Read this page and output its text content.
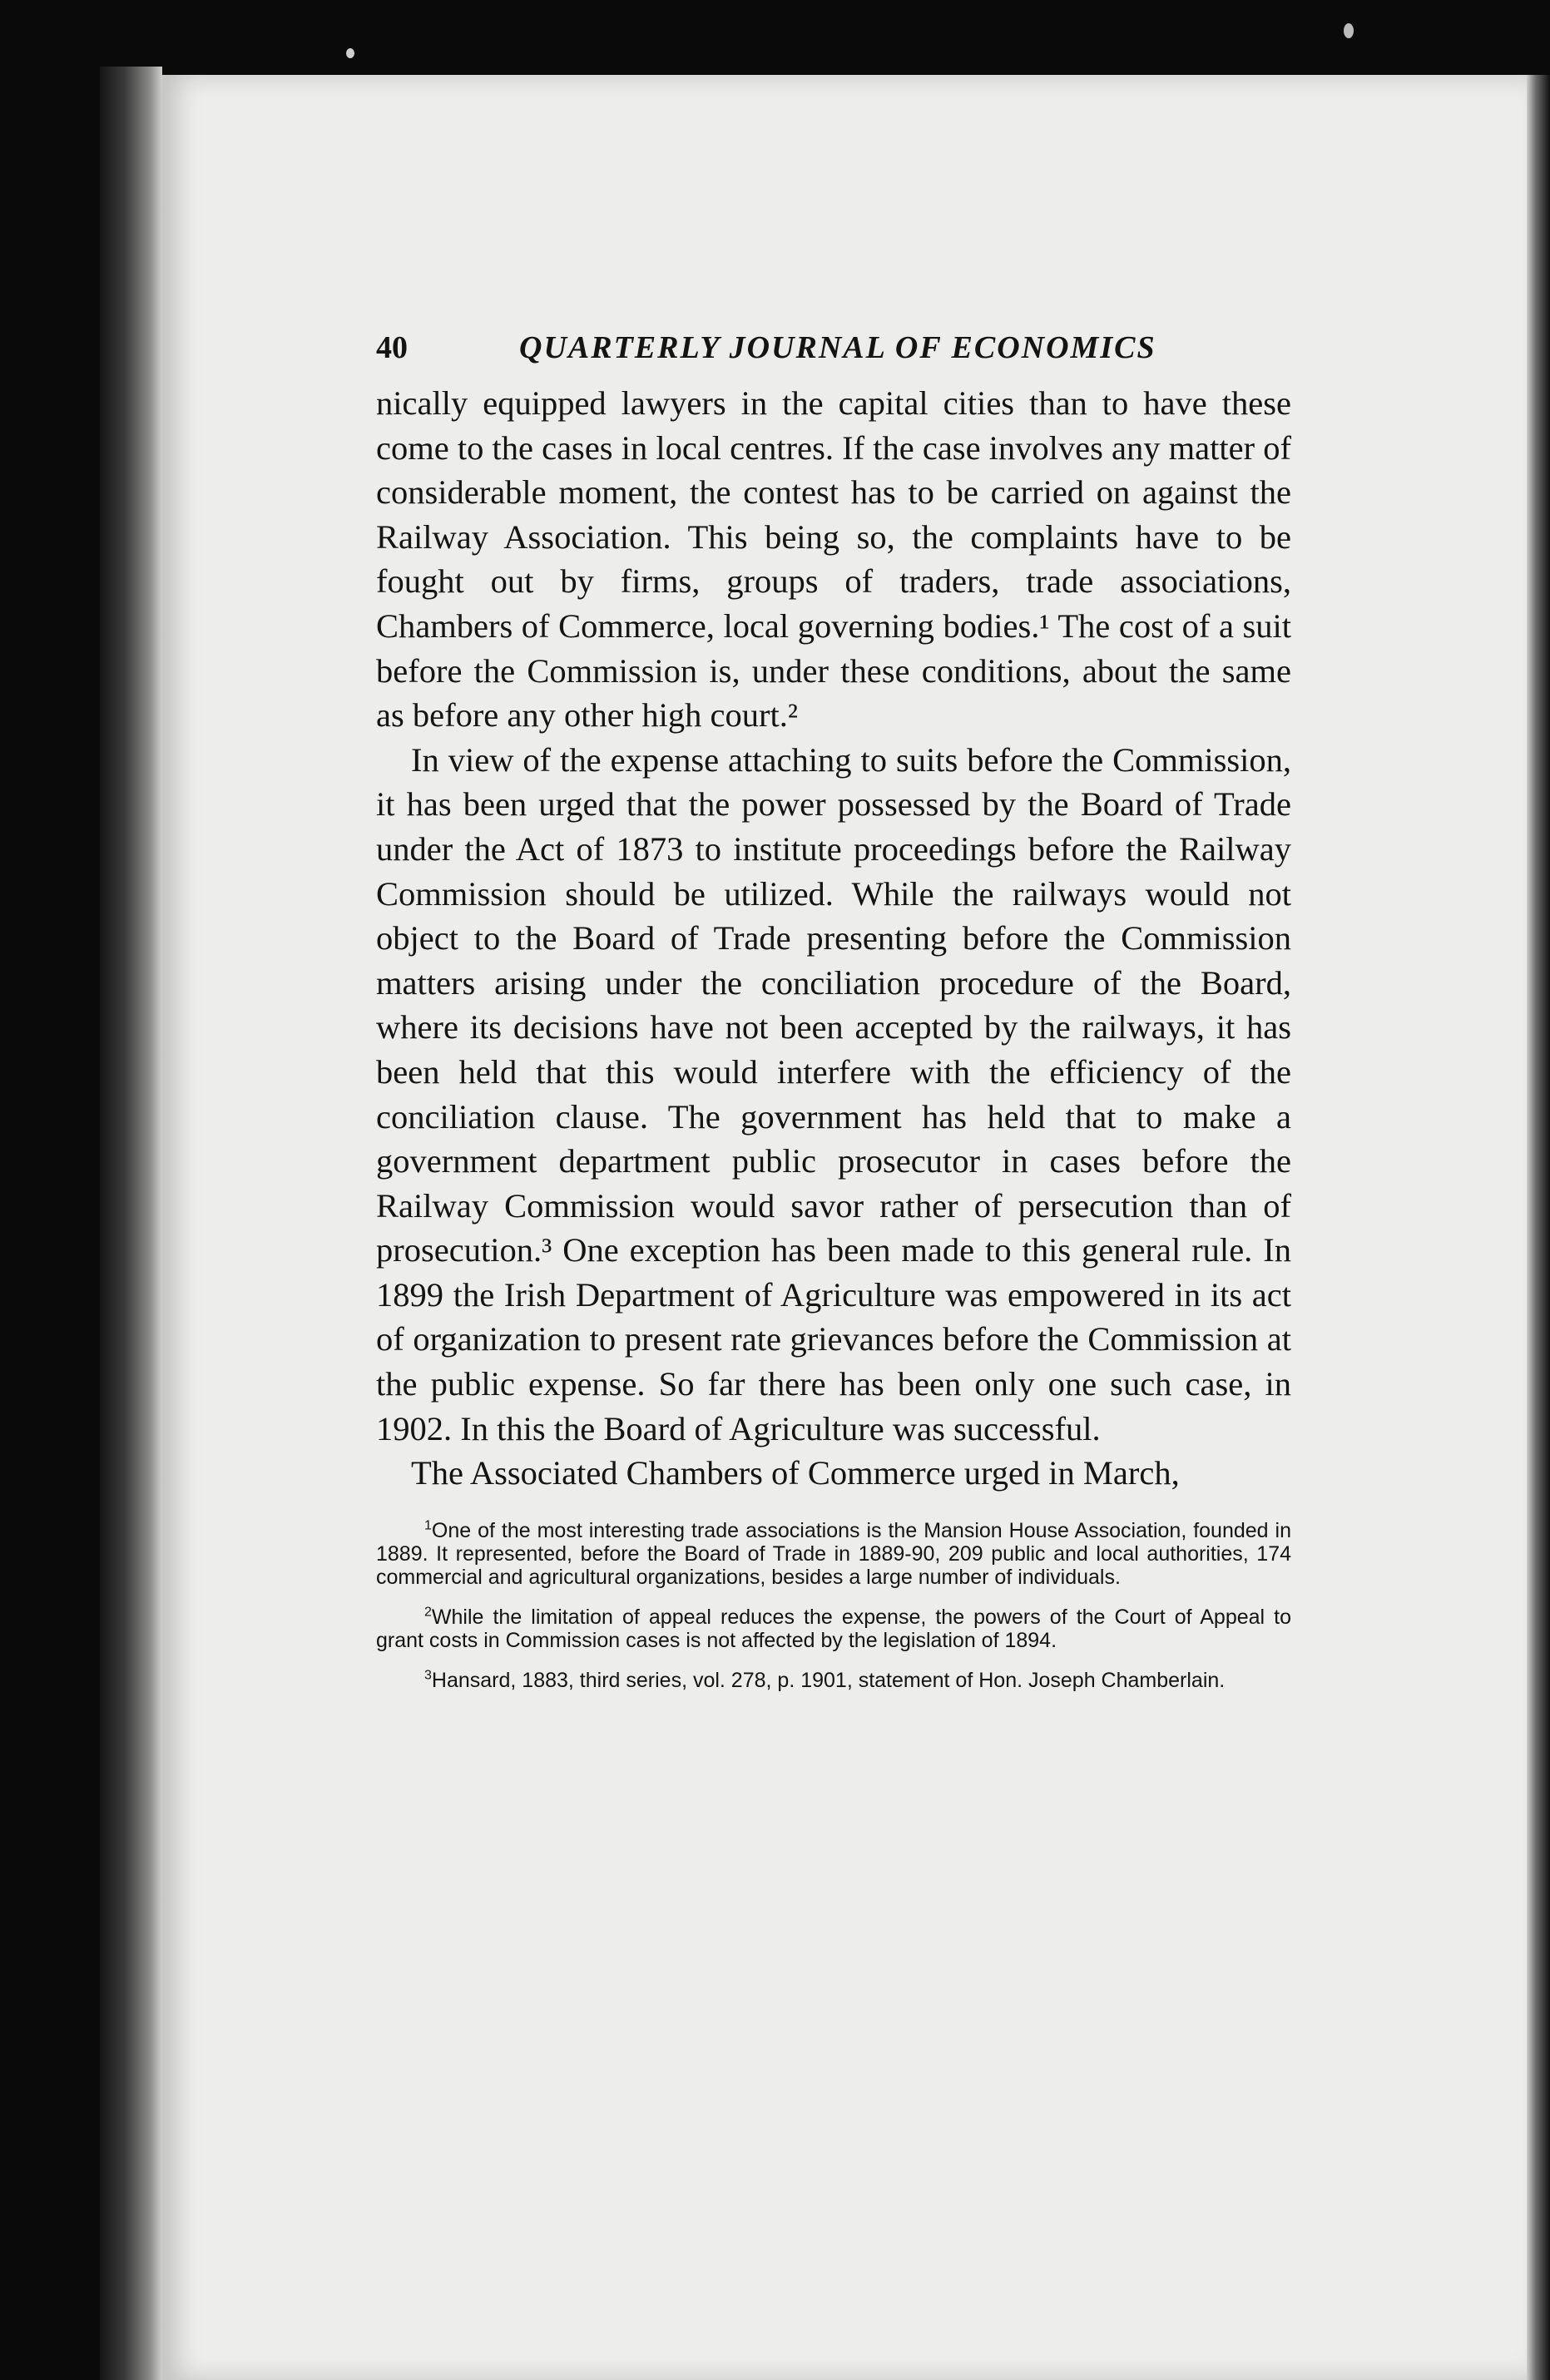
40	QUARTERLY JOURNAL OF ECONOMICS

nically equipped lawyers in the capital cities than to have these come to the cases in local centres. If the case involves any matter of considerable moment, the contest has to be carried on against the Railway Association. This being so, the complaints have to be fought out by firms, groups of traders, trade associations, Chambers of Commerce, local governing bodies.¹ The cost of a suit before the Commission is, under these conditions, about the same as before any other high court.²

In view of the expense attaching to suits before the Commission, it has been urged that the power possessed by the Board of Trade under the Act of 1873 to institute proceedings before the Railway Commission should be utilized. While the railways would not object to the Board of Trade presenting before the Commission matters arising under the conciliation procedure of the Board, where its decisions have not been accepted by the railways, it has been held that this would interfere with the efficiency of the conciliation clause. The government has held that to make a government department public prosecutor in cases before the Railway Commission would savor rather of persecution than of prosecution.³ One exception has been made to this general rule. In 1899 the Irish Department of Agriculture was empowered in its act of organization to present rate grievances before the Commission at the public expense. So far there has been only one such case, in 1902. In this the Board of Agriculture was successful.

The Associated Chambers of Commerce urged in March,

$^1$One of the most interesting trade associations is the Mansion House Association, founded in 1889. It represented, before the Board of Trade in 1889-90, 209 public and local authorities, 174 commercial and agricultural organizations, besides a large number of individuals.

$^2$While the limitation of appeal reduces the expense, the powers of the Court of Appeal to grant costs in Commission cases is not affected by the legislation of 1894.

$^3$Hansard, 1883, third series, vol. 278, p. 1901, statement of Hon. Joseph Chamberlain.
